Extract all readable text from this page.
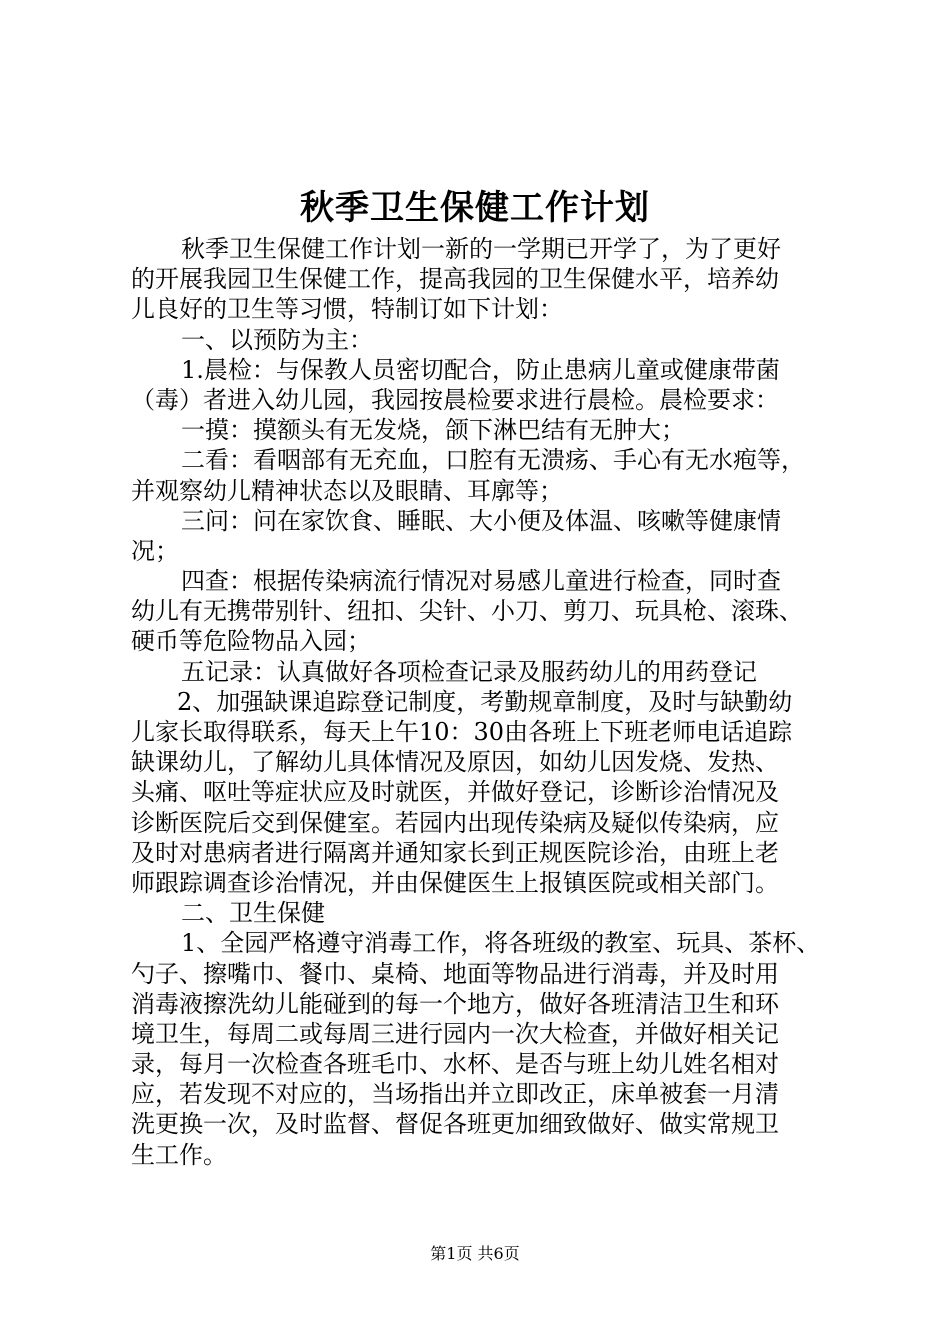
秋季卫生保健工作计划
秋季卫生保健工作计划一新的一学期已开学了，为了更好
的开展我园卫生保健工作，提高我园的卫生保健水平，培养幼
儿良好的卫生等习惯，特制订如下计划：
一、以预防为主：
1.晨检：与保教人员密切配合，防止患病儿童或健康带菌
（毒）者进入幼儿园，我园按晨检要求进行晨检。晨检要求：
一摸：摸额头有无发烧，颌下淋巴结有无肿大；
二看：看咽部有无充血，口腔有无溃疡、手心有无水疱等，
并观察幼儿精神状态以及眼睛、耳廓等；
三问：问在家饮食、睡眠、大小便及体温、咳嗽等健康情
况；
四查：根据传染病流行情况对易感儿童进行检查，同时查
幼儿有无携带别针、纽扣、尖针、小刀、剪刀、玩具枪、滚珠、
硬币等危险物品入园；
五记录：认真做好各项检查记录及服药幼儿的用药登记
2、加强缺课追踪登记制度，考勤规章制度，及时与缺勤幼
儿家长取得联系，每天上午10：30由各班上下班老师电话追踪
缺课幼儿，了解幼儿具体情况及原因，如幼儿因发烧、发热、
头痛、呕吐等症状应及时就医，并做好登记，诊断诊治情况及
诊断医院后交到保健室。若园内出现传染病及疑似传染病，应
及时对患病者进行隔离并通知家长到正规医院诊治，由班上老
师跟踪调查诊治情况，并由保健医生上报镇医院或相关部门。
二、卫生保健
1、全园严格遵守消毒工作，将各班级的教室、玩具、茶杯、
勺子、擦嘴巾、餐巾、桌椅、地面等物品进行消毒，并及时用
消毒液擦洗幼儿能碰到的每一个地方，做好各班清洁卫生和环
境卫生，每周二或每周三进行园内一次大检查，并做好相关记
录，每月一次检查各班毛巾、水杯、是否与班上幼儿姓名相对
应，若发现不对应的，当场指出并立即改正，床单被套一月清
洗更换一次，及时监督、督促各班更加细致做好、做实常规卫
生工作。
第1页 共6页
